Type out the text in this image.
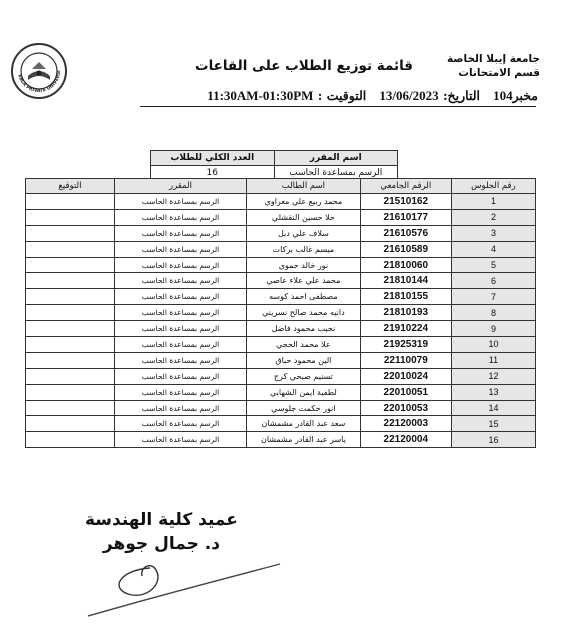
جامعة إيبلا الخاصة
قسم الامتحانات
EBLA PRIVATE UNIVERSI	قائمة توزيع الطلاب على القاعات
مخبر104   التاريخ: 13/06/2023   التوقيت : 11:30AM-01:30PM
العدد الكلي للطلاب	اسم المقرر
16	الرسم بمساعدة الحاسب
التوقيع	المقرر	اسم الطالب	الرقم الجامعي	رقم الجلوس
	الرسم بمساعدة الحاسب	محمد ربيع علي معراوي	21510162	1
	الرسم بمساعدة الحاسب	حلا حسين النقشلي	21610177	2
	الرسم بمساعدة الحاسب	سلاف علي دبل	21610576	3
	الرسم بمساعدة الحاسب	ميسم غالب بركات	21610589	4
	الرسم بمساعدة الحاسب	نور خالد حموي	21810060	5
	الرسم بمساعدة الحاسب	محمد علي علاء عاصي	21810144	6
	الرسم بمساعدة الحاسب	مصطفى احمد كوسه	21810155	7
	الرسم بمساعدة الحاسب	دانيه محمد صالح نسريني	21810193	8
	الرسم بمساعدة الحاسب	نجيب محمود فاضل	21910224	9
	الرسم بمساعدة الحاسب	علا محمد الحجي	21925319	10
	الرسم بمساعدة الحاسب	الين محمود حباق	22110079	11
	الرسم بمساعدة الحاسب	تسنيم صبحي كرج	22010024	12
	الرسم بمساعدة الحاسب	لطفية ايمن الشهابي	22010051	13
	الرسم بمساعدة الحاسب	انور حكمت جلوسي	22010053	14
	الرسم بمساعدة الحاسب	سعد عبد القادر مشمشان	22120003	15
	الرسم بمساعدة الحاسب	ياسر عبد القادر مشمشان	22120004	16
عميد كلية الهندسة
د. جمال جوهر
